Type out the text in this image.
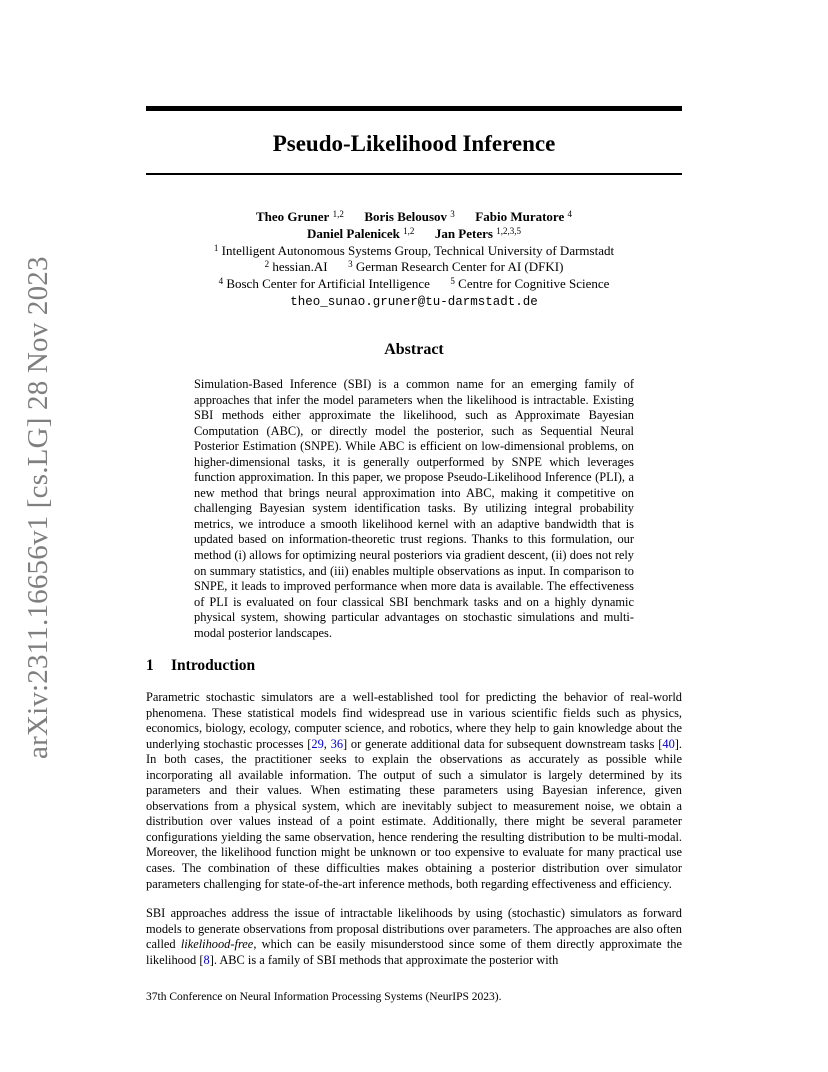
arXiv:2311.16656v1 [cs.LG] 28 Nov 2023
Pseudo-Likelihood Inference
Theo Gruner $^{1,2}$ Boris Belousov $^3$ Fabio Muratore $^4$
Daniel Palenicek $^{1,2}$ Jan Peters $^{1,2,3,5}$
$^1$ Intelligent Autonomous Systems Group, Technical University of Darmstadt
$^2$ hessian.AI $^3$ German Research Center for AI (DFKI)
$^4$ Bosch Center for Artificial Intelligence $^5$ Centre for Cognitive Science
theo_sunao.gruner@tu-darmstadt.de
Abstract
Simulation-Based Inference (SBI) is a common name for an emerging family of approaches that infer the model parameters when the likelihood is intractable. Existing SBI methods either approximate the likelihood, such as Approximate Bayesian Computation (ABC), or directly model the posterior, such as Sequential Neural Posterior Estimation (SNPE). While ABC is efficient on low-dimensional problems, on higher-dimensional tasks, it is generally outperformed by SNPE which leverages function approximation. In this paper, we propose Pseudo-Likelihood Inference (PLI), a new method that brings neural approximation into ABC, making it competitive on challenging Bayesian system identification tasks. By utilizing integral probability metrics, we introduce a smooth likelihood kernel with an adaptive bandwidth that is updated based on information-theoretic trust regions. Thanks to this formulation, our method (i) allows for optimizing neural posteriors via gradient descent, (ii) does not rely on summary statistics, and (iii) enables multiple observations as input. In comparison to SNPE, it leads to improved performance when more data is available. The effectiveness of PLI is evaluated on four classical SBI benchmark tasks and on a highly dynamic physical system, showing particular advantages on stochastic simulations and multi-modal posterior landscapes.
1 Introduction
Parametric stochastic simulators are a well-established tool for predicting the behavior of real-world phenomena. These statistical models find widespread use in various scientific fields such as physics, economics, biology, ecology, computer science, and robotics, where they help to gain knowledge about the underlying stochastic processes [29, 36] or generate additional data for subsequent downstream tasks [40]. In both cases, the practitioner seeks to explain the observations as accurately as possible while incorporating all available information. The output of such a simulator is largely determined by its parameters and their values. When estimating these parameters using Bayesian inference, given observations from a physical system, which are inevitably subject to measurement noise, we obtain a distribution over values instead of a point estimate. Additionally, there might be several parameter configurations yielding the same observation, hence rendering the resulting distribution to be multi-modal. Moreover, the likelihood function might be unknown or too expensive to evaluate for many practical use cases. The combination of these difficulties makes obtaining a posterior distribution over simulator parameters challenging for state-of-the-art inference methods, both regarding effectiveness and efficiency.
SBI approaches address the issue of intractable likelihoods by using (stochastic) simulators as forward models to generate observations from proposal distributions over parameters. The approaches are also often called likelihood-free, which can be easily misunderstood since some of them directly approximate the likelihood [8]. ABC is a family of SBI methods that approximate the posterior with
37th Conference on Neural Information Processing Systems (NeurIPS 2023).
